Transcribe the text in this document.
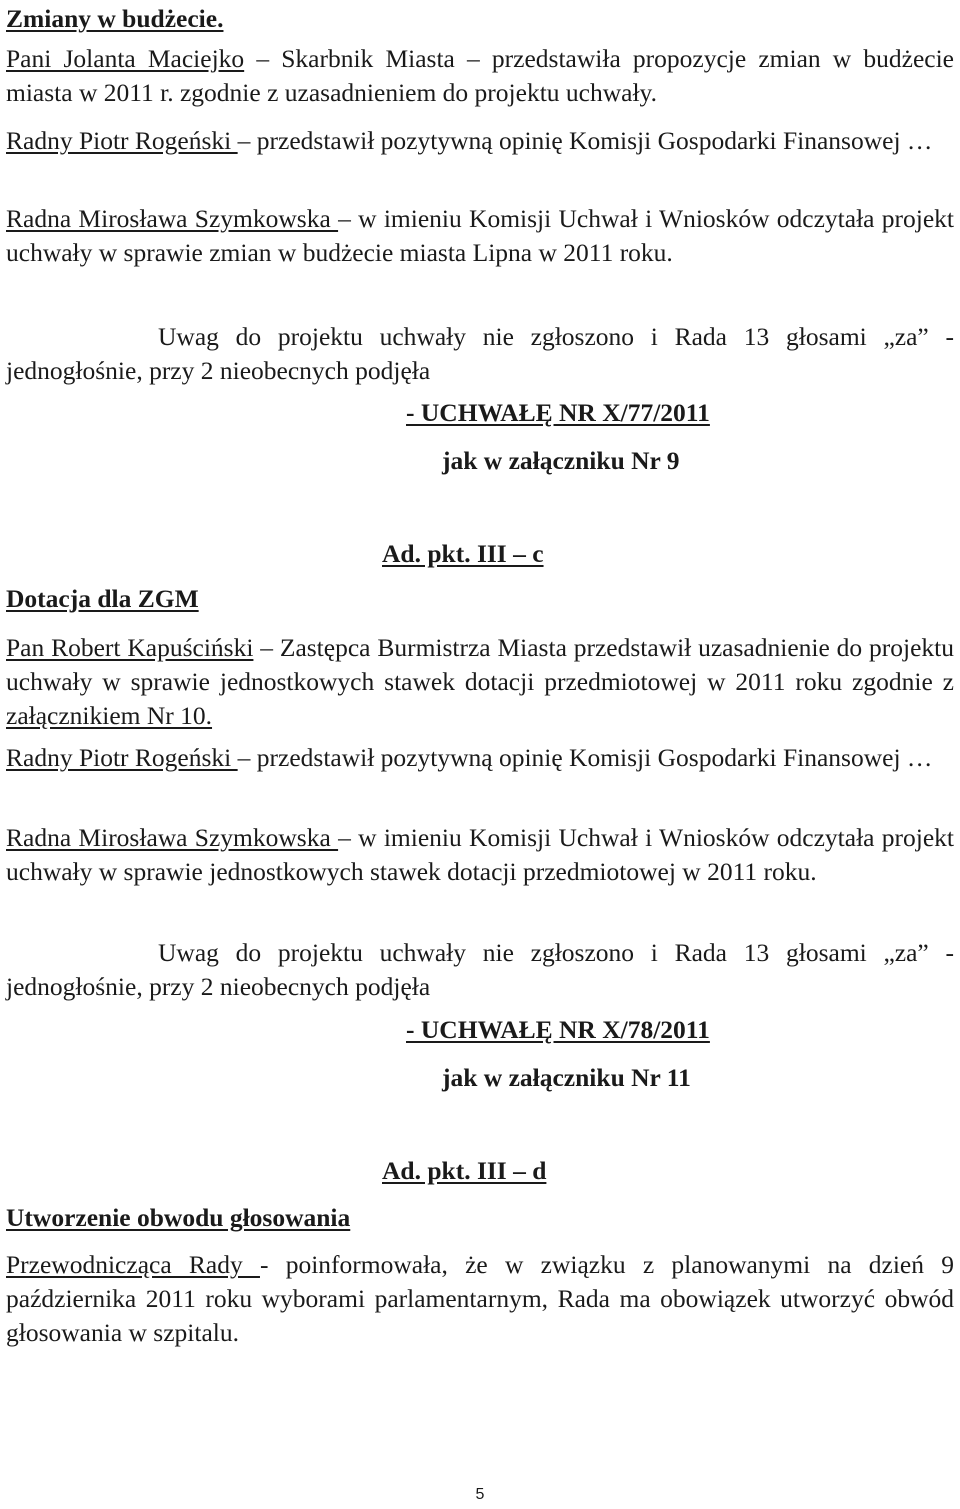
Zmiany w budżecie.
Pani Jolanta Maciejko – Skarbnik Miasta – przedstawiła propozycje zmian w budżecie miasta w 2011 r. zgodnie z uzasadnieniem do projektu uchwały.
Radny Piotr Rogeński – przedstawił pozytywną opinię Komisji Gospodarki Finansowej …
Radna Mirosława Szymkowska – w imieniu Komisji Uchwał i Wniosków odczytała projekt uchwały w sprawie zmian w budżecie miasta Lipna w 2011 roku.
Uwag do projektu uchwały nie zgłoszono i Rada 13 głosami „za” - jednogłośnie, przy 2 nieobecnych podjęła
- UCHWAŁĘ NR X/77/2011
jak w załączniku Nr 9
Ad. pkt. III – c
Dotacja dla ZGM
Pan Robert Kapuściński – Zastępca Burmistrza Miasta przedstawił uzasadnienie do projektu uchwały w sprawie jednostkowych stawek dotacji przedmiotowej w 2011 roku zgodnie z załącznikiem Nr 10.
Radny Piotr Rogeński – przedstawił pozytywną opinię Komisji Gospodarki Finansowej …
Radna Mirosława Szymkowska – w imieniu Komisji Uchwał i Wniosków odczytała projekt uchwały w sprawie jednostkowych stawek dotacji przedmiotowej w 2011 roku.
Uwag do projektu uchwały nie zgłoszono i Rada 13 głosami „za” - jednogłośnie, przy 2 nieobecnych podjęła
- UCHWAŁĘ NR X/78/2011
jak w załączniku Nr 11
Ad. pkt. III – d
Utworzenie obwodu głosowania
Przewodnicząca Rady - poinformowała, że w związku z planowanymi na dzień 9 października 2011 roku wyborami parlamentarnym, Rada ma obowiązek utworzyć obwód głosowania w szpitalu.
5
